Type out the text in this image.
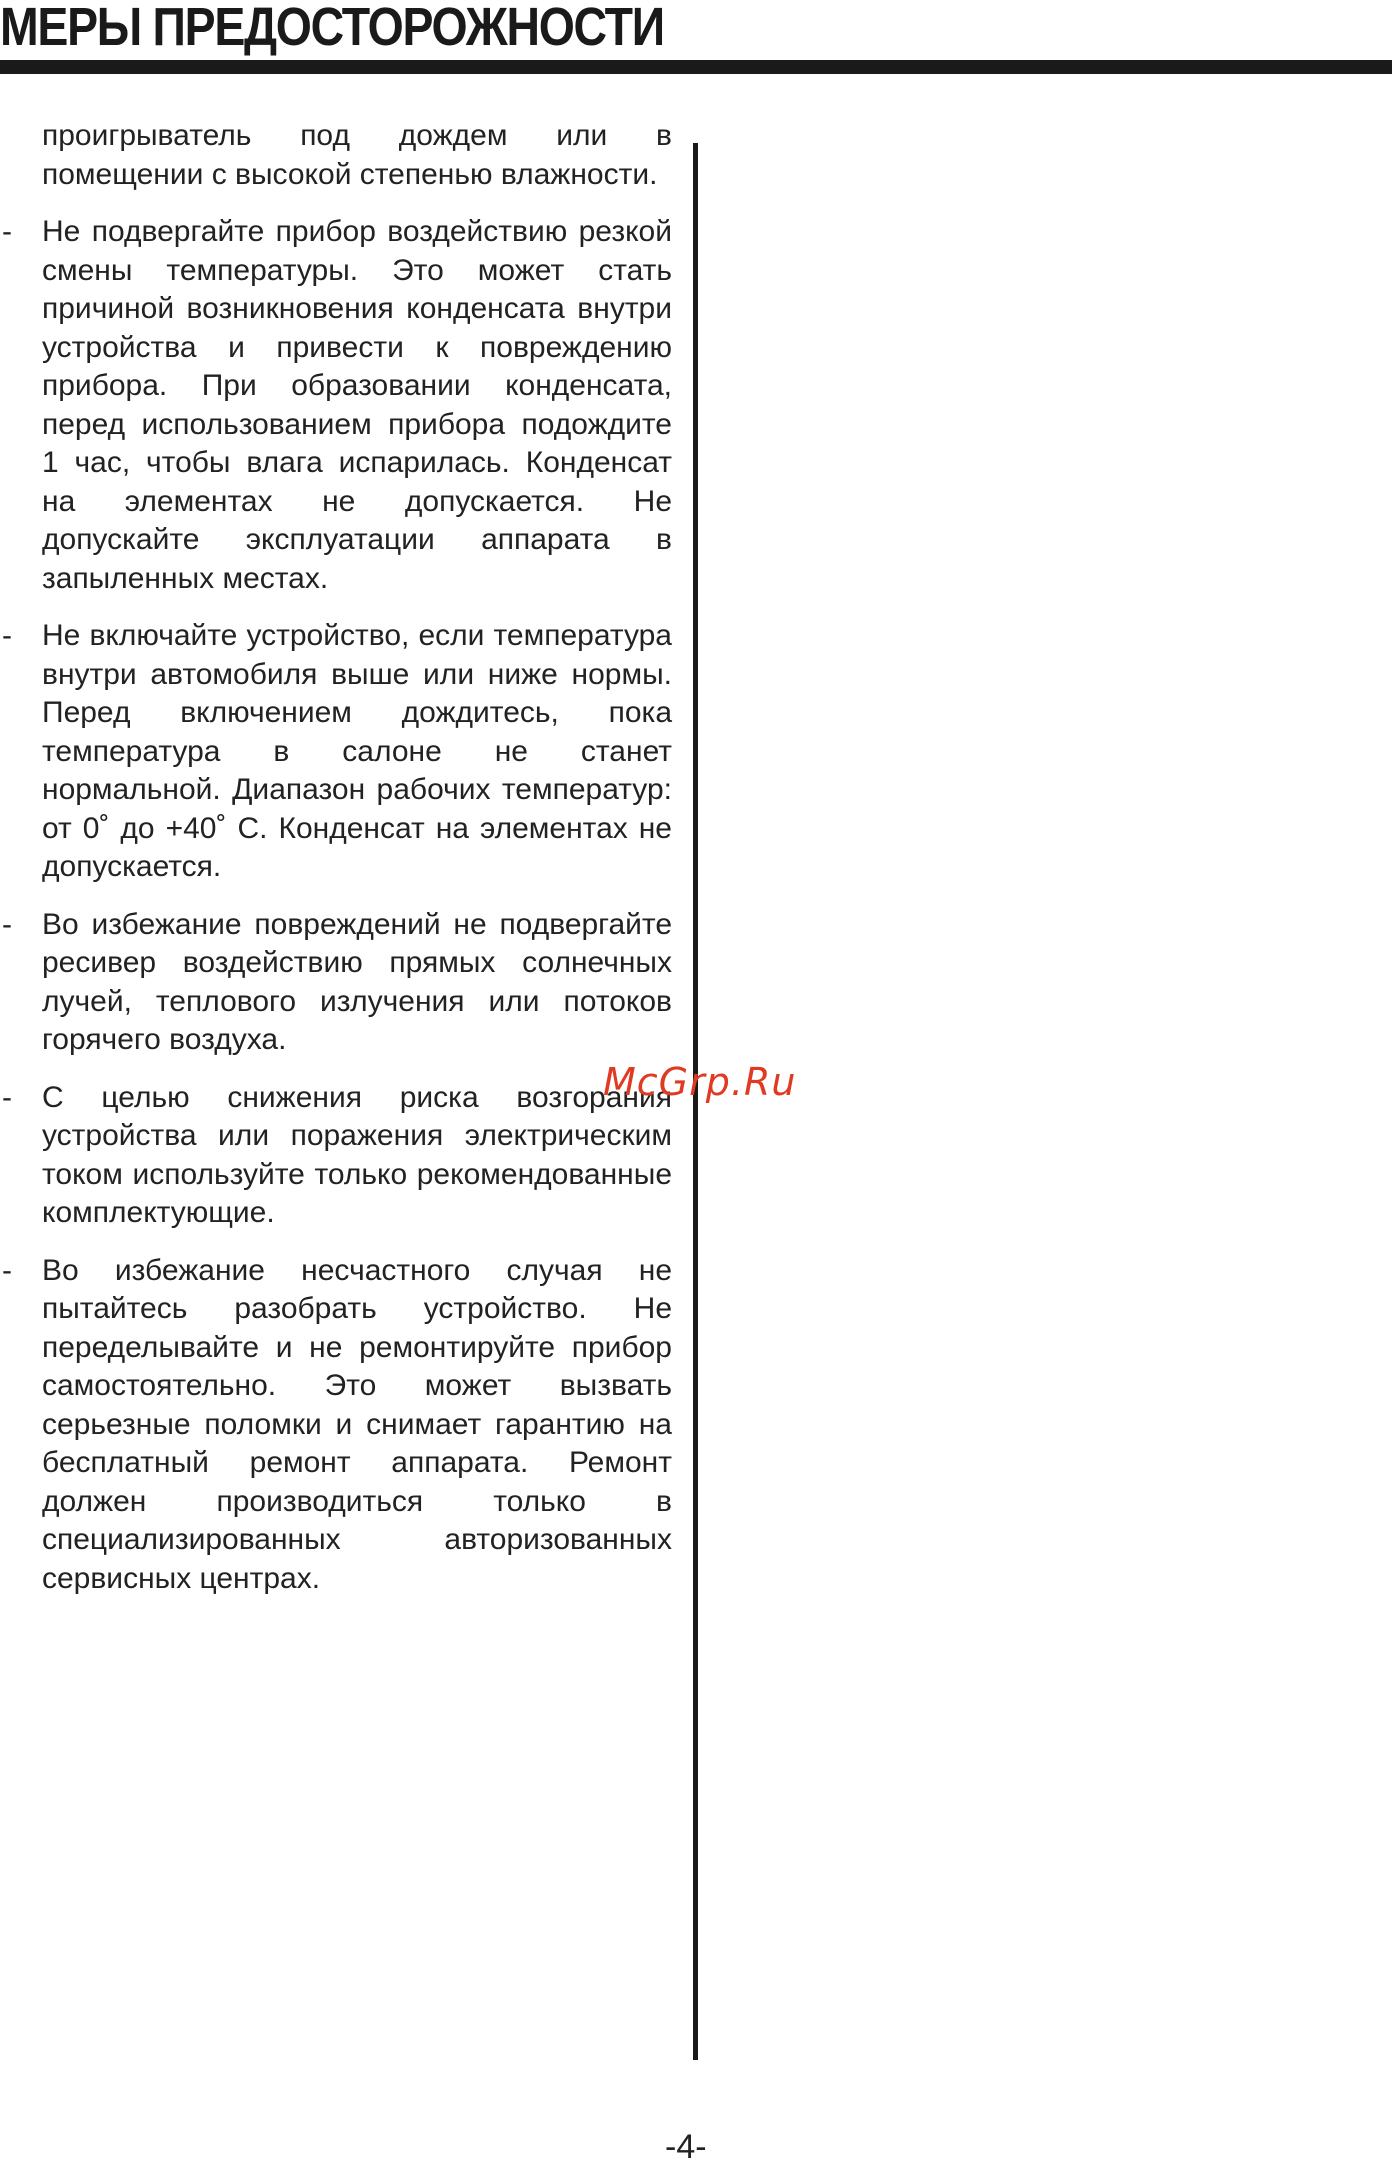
МЕРЫ ПРЕДОСТОРОЖНОСТИ

проигрыватель под дождем или в помещении с высокой степенью влажности.

- Не подвергайте прибор воздействию резкой смены температуры. Это может стать причиной возникновения конденсата внутри устройства и привести к повреждению прибора. При образовании конденсата, перед использованием прибора подождите 1 час, чтобы влага испарилась. Конденсат на элементах не допускается. Не допускайте эксплуатации аппарата в запыленных местах.

- Не включайте устройство, если температура внутри автомобиля выше или ниже нормы. Перед включением дождитесь, пока температура в салоне не станет нормальной. Диапазон рабочих температур: от 0˚ до +40˚ С. Конденсат на элементах не допускается.

- Во избежание повреждений не подвергайте ресивер воздействию прямых солнечных лучей, теплового излучения или потоков горячего воздуха.

- С целью снижения риска возгорания устройства или поражения электрическим током используйте только рекомендованные комплектующие.

- Во избежание несчастного случая не пытайтесь разобрать устройство. Не переделывайте и не ремонтируйте прибор самостоятельно. Это может вызвать серьезные поломки и снимает гарантию на бесплатный ремонт аппарата. Ремонт должен производиться только в специализированных авторизованных сервисных центрах.

McGrp.Ru
-4-
